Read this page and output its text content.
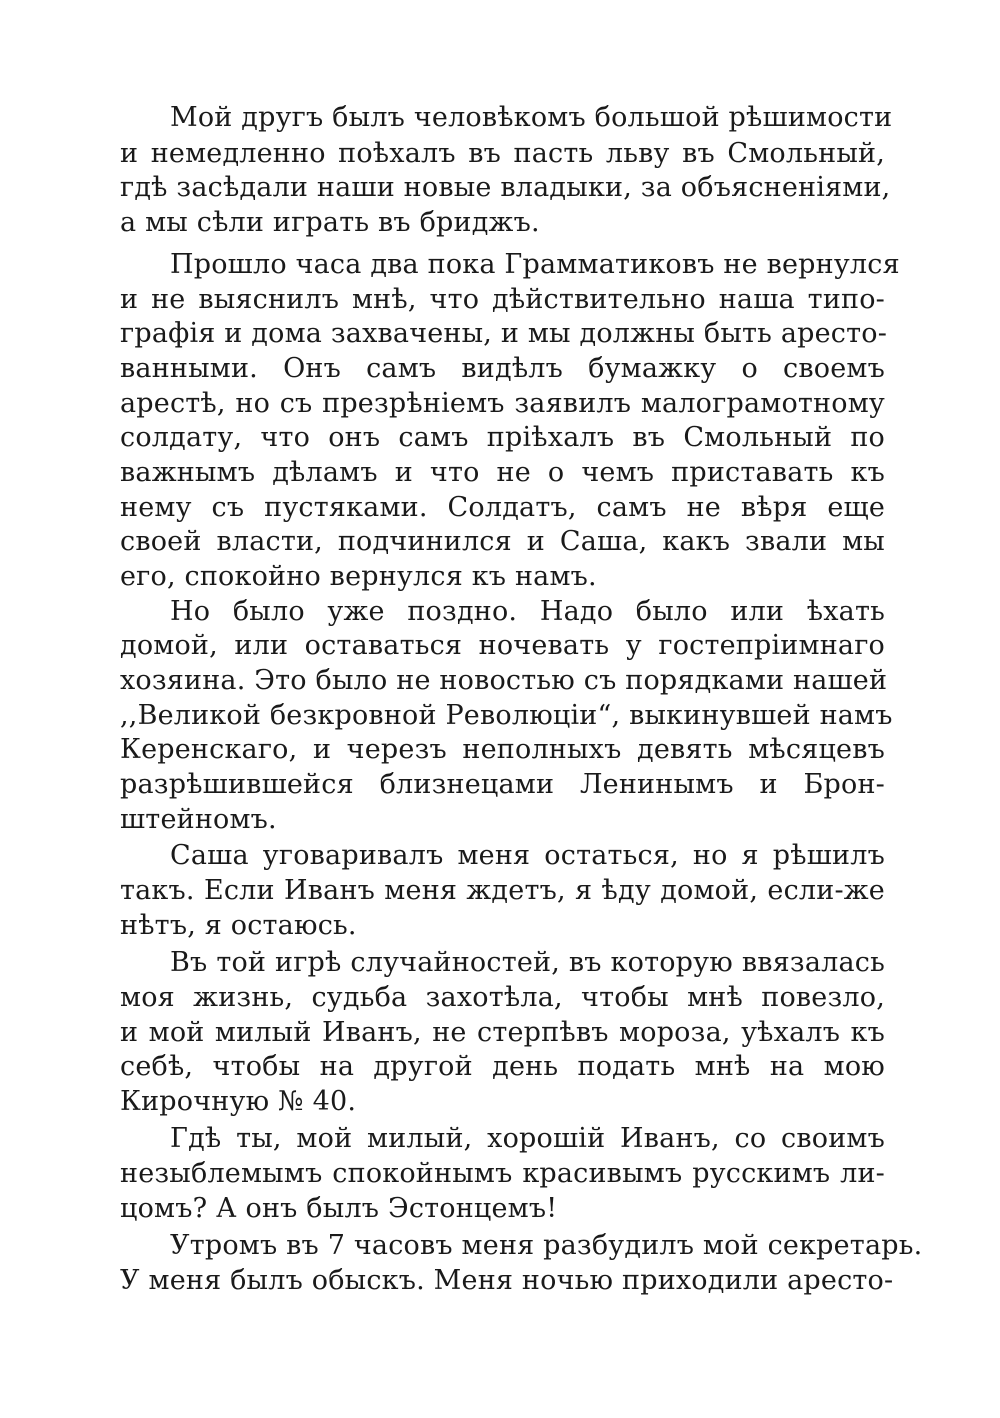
Мой другъ былъ человѣкомъ большой рѣшимости
и немедленно поѣхалъ въ пасть льву въ Смольный,
гдѣ засѣдали наши новые владыки, за объясненіями,
а мы сѣли играть въ бриджъ.
Прошло часа два пока Грамматиковъ не вернулся
и не выяснилъ мнѣ, что дѣйствительно наша типо-
графія и дома захвачены, и мы должны быть аресто-
ванными. Онъ самъ видѣлъ бумажку о своемъ
арестѣ, но съ презрѣніемъ заявилъ малограмотному
солдату, что онъ самъ пріѣхалъ въ Смольный по
важнымъ дѣламъ и что не о чемъ приставать къ
нему съ пустяками. Солдатъ, самъ не вѣря еще
своей власти, подчинился и Саша, какъ звали мы
его, спокойно вернулся къ намъ.
Но было уже поздно. Надо было или ѣхать
домой, или оставаться ночевать у гостепріимнаго
хозяина. Это было не новостью съ порядками нашей
,,Великой безкровной Революціи“, выкинувшей намъ
Керенскаго, и черезъ неполныхъ девять мѣсяцевъ
разрѣшившейся близнецами Ленинымъ и Брон-
штейномъ.
Саша уговаривалъ меня остаться, но я рѣшилъ
такъ. Если Иванъ меня ждетъ, я ѣду домой, если-же
нѣтъ, я остаюсь.
Въ той игрѣ случайностей, въ которую ввязалась
моя жизнь, судьба захотѣла, чтобы мнѣ повезло,
и мой милый Иванъ, не стерпѣвъ мороза, уѣхалъ къ
себѣ, чтобы на другой день подать мнѣ на мою
Кирочную № 40.
Гдѣ ты, мой милый, хорошій Иванъ, со своимъ
незыблемымъ спокойнымъ красивымъ русскимъ ли-
цомъ? А онъ былъ Эстонцемъ!
Утромъ въ 7 часовъ меня разбудилъ мой секретарь.
У меня былъ обыскъ. Меня ночью приходили аресто-
